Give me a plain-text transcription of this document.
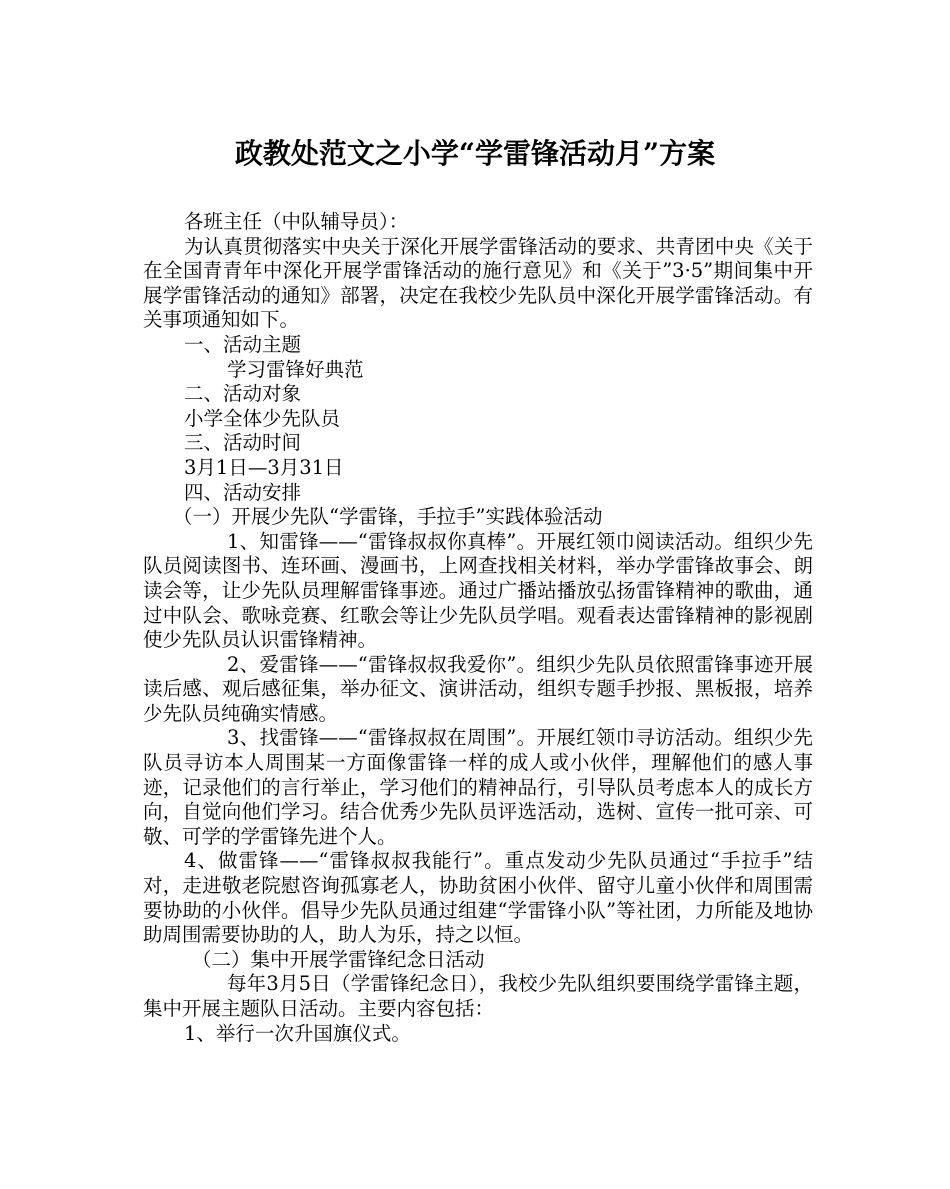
政教处范文之小学“学雷锋活动月”方案

各班主任（中队辅导员）：

为认真贯彻落实中央关于深化开展学雷锋活动的要求、共青团中央《关于在全国青青年中深化开展学雷锋活动的施行意见》和《关于”3·5”期间集中开展学雷锋活动的通知》部署，决定在我校少先队员中深化开展学雷锋活动。有关事项通知如下。

一、活动主题

学习雷锋好典范

二、活动对象

小学全体少先队员

三、活动时间

3月1日—3月31日

四、活动安排

（一）开展少先队“学雷锋，手拉手”实践体验活动

1、知雷锋——“雷锋叔叔你真棒”。开展红领巾阅读活动。组织少先队员阅读图书、连环画、漫画书，上网查找相关材料，举办学雷锋故事会、朗读会等，让少先队员理解雷锋事迹。通过广播站播放弘扬雷锋精神的歌曲，通过中队会、歌咏竞赛、红歌会等让少先队员学唱。观看表达雷锋精神的影视剧使少先队员认识雷锋精神。

2、爱雷锋——“雷锋叔叔我爱你”。组织少先队员依照雷锋事迹开展读后感、观后感征集，举办征文、演讲活动，组织专题手抄报、黑板报，培养少先队员纯确实情感。

3、找雷锋——“雷锋叔叔在周围”。开展红领巾寻访活动。组织少先队员寻访本人周围某一方面像雷锋一样的成人或小伙伴，理解他们的感人事迹，记录他们的言行举止，学习他们的精神品行，引导队员考虑本人的成长方向，自觉向他们学习。结合优秀少先队员评选活动，选树、宣传一批可亲、可敬、可学的学雷锋先进个人。

4、做雷锋——“雷锋叔叔我能行”。重点发动少先队员通过“手拉手”结对，走进敬老院慰咨询孤寡老人，协助贫困小伙伴、留守儿童小伙伴和周围需要协助的小伙伴。倡导少先队员通过组建“学雷锋小队”等社团，力所能及地协助周围需要协助的人，助人为乐，持之以恒。

（二）集中开展学雷锋纪念日活动

每年3月5日（学雷锋纪念日），我校少先队组织要围绕学雷锋主题，集中开展主题队日活动。主要内容包括：

1、举行一次升国旗仪式。
